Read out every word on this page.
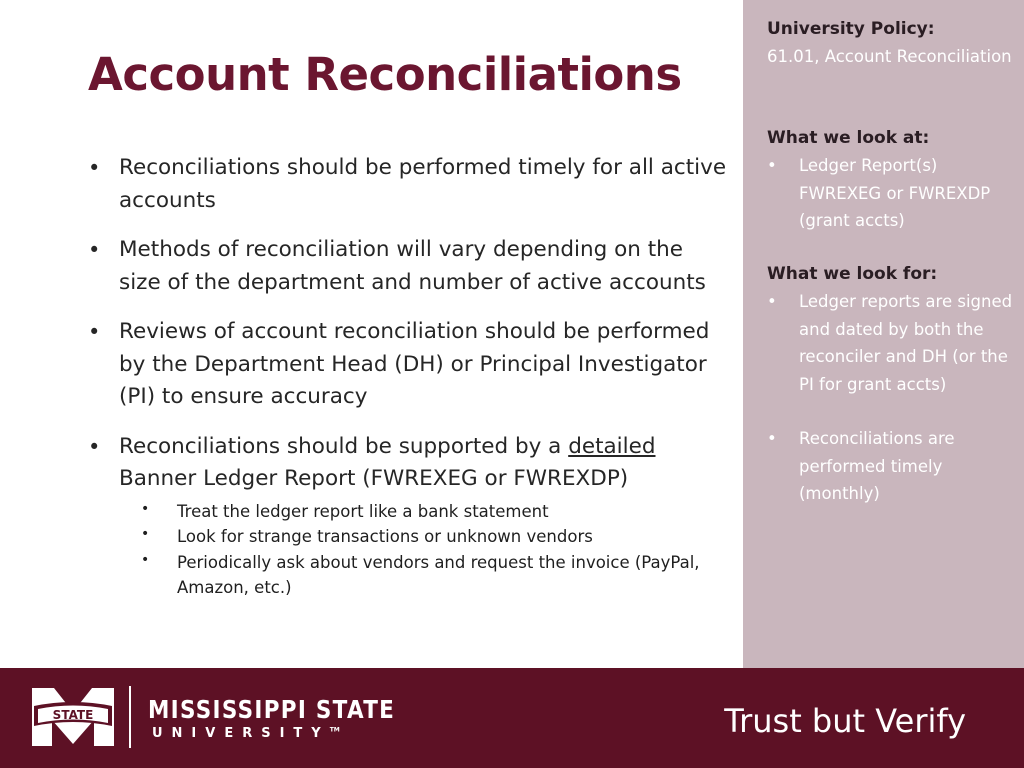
Account Reconciliations
• Reconciliations should be performed timely for all active accounts
• Methods of reconciliation will vary depending on the size of the department and number of active accounts
• Reviews of account reconciliation should be performed by the Department Head (DH) or Principal Investigator (PI) to ensure accuracy
• Reconciliations should be supported by a detailed Banner Ledger Report (FWREXEG or FWREXDP)
• Treat the ledger report like a bank statement
• Look for strange transactions or unknown vendors
• Periodically ask about vendors and request the invoice (PayPal, Amazon, etc.)
University Policy:
61.01, Account Reconciliation
What we look at:
• Ledger Report(s) FWREXEG or FWREXDP (grant accts)
What we look for:
• Ledger reports are signed and dated by both the reconciler and DH (or the PI for grant accts)
• Reconciliations are performed timely (monthly)
STATE MISSISSIPPI STATE
UNIVERSITY™	Trust but Verify
